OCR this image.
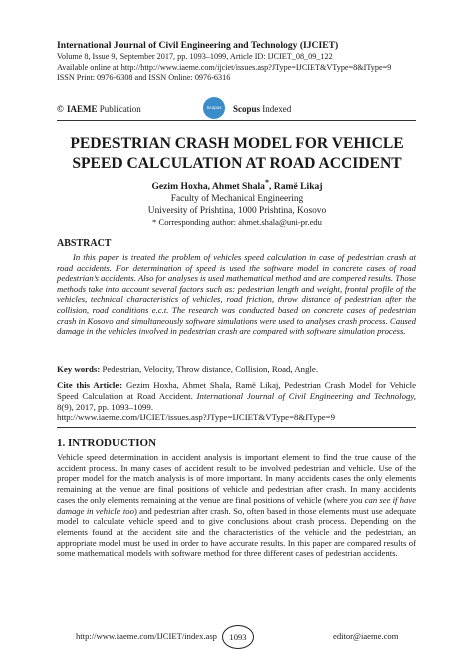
International Journal of Civil Engineering and Technology (IJCIET)
Volume 8, Issue 9, September 2017, pp. 1093–1099, Article ID: IJCIET_08_09_122
Available online at http://http://www.iaeme.com/ijciet/issues.asp?JType=IJCIET&VType=8&IType=9
ISSN Print: 0976-6308 and ISSN Online: 0976-6316
© IAEME Publication	Scopus	Scopus Indexed
PEDESTRIAN CRASH MODEL FOR VEHICLE
SPEED CALCULATION AT ROAD ACCIDENT
Gezim Hoxha, Ahmet Shala*, Ramë Likaj
Faculty of Mechanical Engineering
University of Prishtina, 1000 Prishtina, Kosovo
* Corresponding author: ahmet.shala@uni-pr.edu
ABSTRACT
In this paper is treated the problem of vehicles speed calculation in case of pedestrian crash at road accidents. For determination of speed is used the software model in concrete cases of road pedestrian’s accidents. Also for analyses is used mathematical method and are compered results. Those methods take into account several factors such as: pedestrian length and weight, frontal profile of the vehicles, technical characteristics of vehicles, road friction, throw distance of pedestrian after the collision, road conditions e.c.t. The research was conducted based on concrete cases of pedestrian crash in Kosovo and simultaneously software simulations were used to analyses crash process. Caused damage in the vehicles involved in pedestrian crash are compared with software simulation process.
Key words: Pedestrian, Velocity, Throw distance, Collision, Road, Angle.
Cite this Article: Gezim Hoxha, Ahmet Shala, Ramë Likaj, Pedestrian Crash Model for Vehicle Speed Calculation at Road Accident. International Journal of Civil Engineering and Technology, 8(9), 2017, pp. 1093–1099.
http://www.iaeme.com/IJCIET/issues.asp?JType=IJCIET&VType=8&IType=9
1. INTRODUCTION
Vehicle speed determination in accident analysis is important element to find the true cause of the accident process. In many cases of accident result to be involved pedestrian and vehicle. Use of the proper model for the match analysis is of more important. In many accidents cases the only elements remaining at the venue are final positions of vehicle and pedestrian after crash. In many accidents cases the only elements remaining at the venue are final positions of vehicle (where you can see if have damage in vehicle too) and pedestrian after crash. So, often based in those elements must use adequate model to calculate vehicle speed and to give conclusions about crash process. Depending on the elements found at the accident site and the characteristics of the vehicle and the pedestrian, an appropriate model must be used in order to have accurate results. In this paper are compared results of some mathematical models with software method for three different cases of pedestrian accidents.
http://www.iaeme.com/IJCIET/index.asp	1093	editor@iaeme.com
